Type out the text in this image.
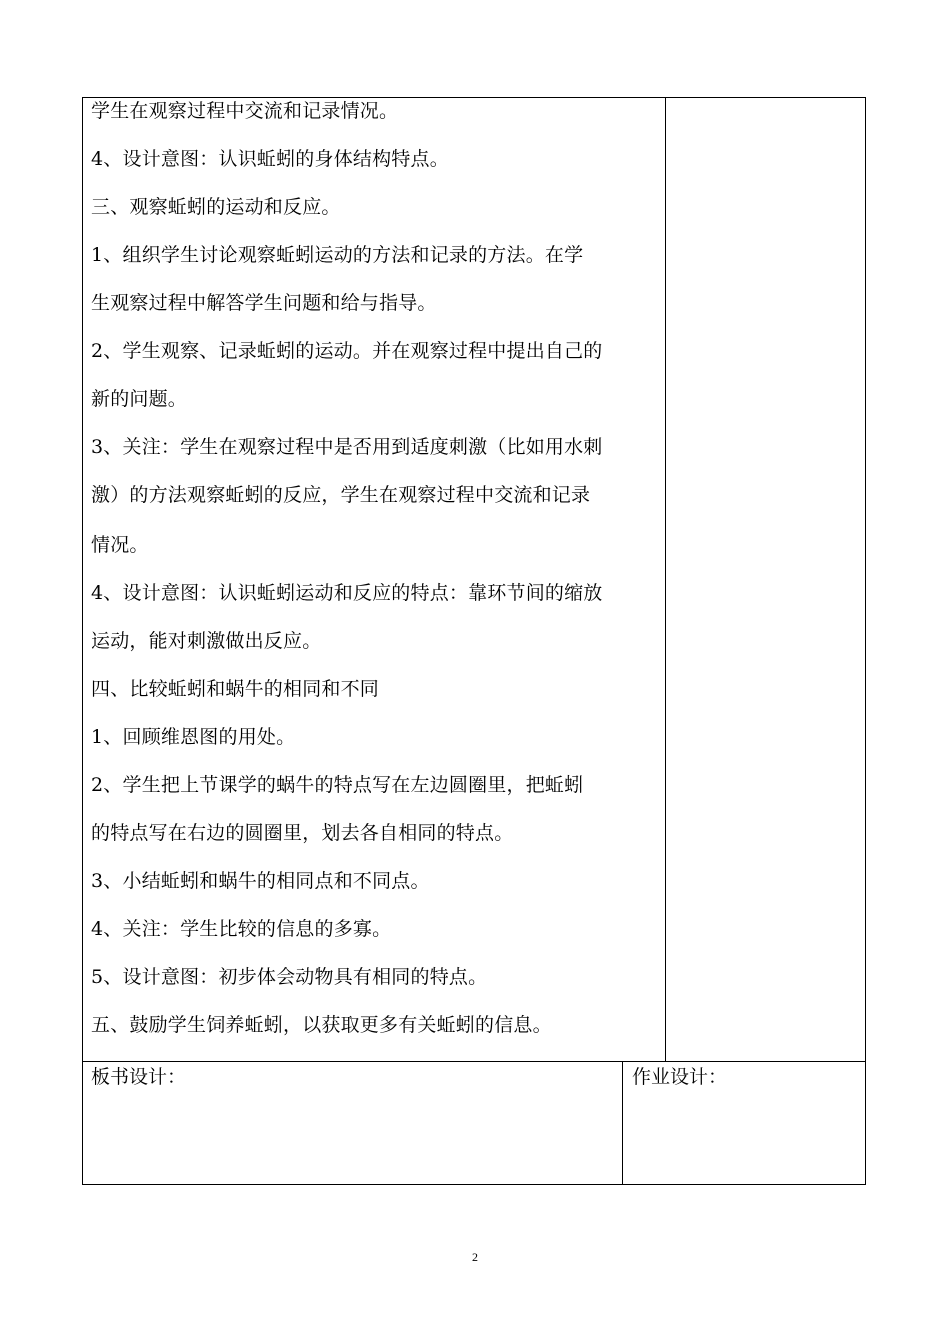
学生在观察过程中交流和记录情况。
4、设计意图：认识蚯蚓的身体结构特点。
三、观察蚯蚓的运动和反应。
1、组织学生讨论观察蚯蚓运动的方法和记录的方法。在学
生观察过程中解答学生问题和给与指导。
2、学生观察、记录蚯蚓的运动。并在观察过程中提出自己的
新的问题。
3、关注：学生在观察过程中是否用到适度刺激（比如用水刺
激）的方法观察蚯蚓的反应，学生在观察过程中交流和记录
情况。
4、设计意图：认识蚯蚓运动和反应的特点：靠环节间的缩放
运动，能对刺激做出反应。
四、比较蚯蚓和蜗牛的相同和不同
1、回顾维恩图的用处。
2、学生把上节课学的蜗牛的特点写在左边圆圈里，把蚯蚓
的特点写在右边的圆圈里，划去各自相同的特点。
3、小结蚯蚓和蜗牛的相同点和不同点。
4、关注：学生比较的信息的多寡。
5、设计意图：初步体会动物具有相同的特点。
五、鼓励学生饲养蚯蚓，以获取更多有关蚯蚓的信息。
板书设计：	作业设计：
2
